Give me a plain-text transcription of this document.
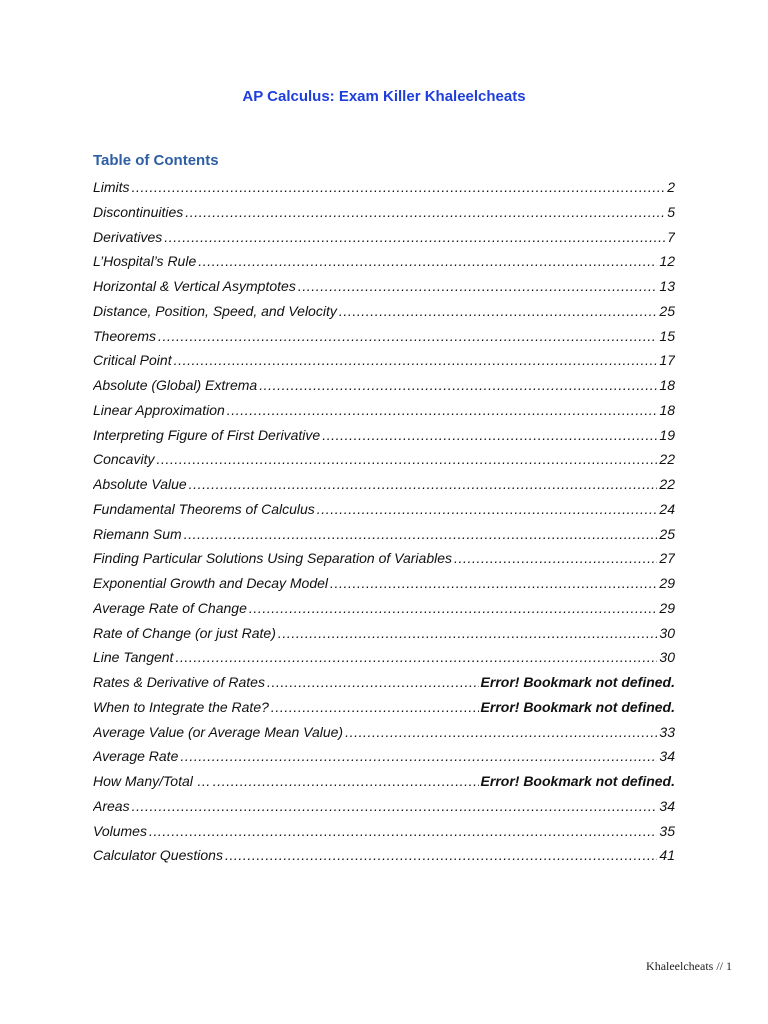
AP Calculus: Exam Killer Khaleelcheats
Table of Contents
Limits .....	2
Discontinuities .....	5
Derivatives .....	7
L’Hospital’s Rule .....	12
Horizontal & Vertical Asymptotes .....	13
Distance, Position, Speed, and Velocity .....	25
Theorems .....	15
Critical Point .....	17
Absolute (Global) Extrema .....	18
Linear Approximation .....	18
Interpreting Figure of First Derivative .....	19
Concavity .....	22
Absolute Value .....	22
Fundamental Theorems of Calculus .....	24
Riemann Sum .....	25
Finding Particular Solutions Using Separation of Variables .....	27
Exponential Growth and Decay Model .....	29
Average Rate of Change .....	29
Rate of Change (or just Rate) .....	30
Line Tangent .....	30
Rates & Derivative of Rates .....	Error! Bookmark not defined.
When to Integrate the Rate? .....	Error! Bookmark not defined.
Average Value (or Average Mean Value) .....	33
Average Rate .....	34
How Many/Total … .....	Error! Bookmark not defined.
Areas .....	34
Volumes .....	35
Calculator Questions .....	41
Khaleelcheats // 1
